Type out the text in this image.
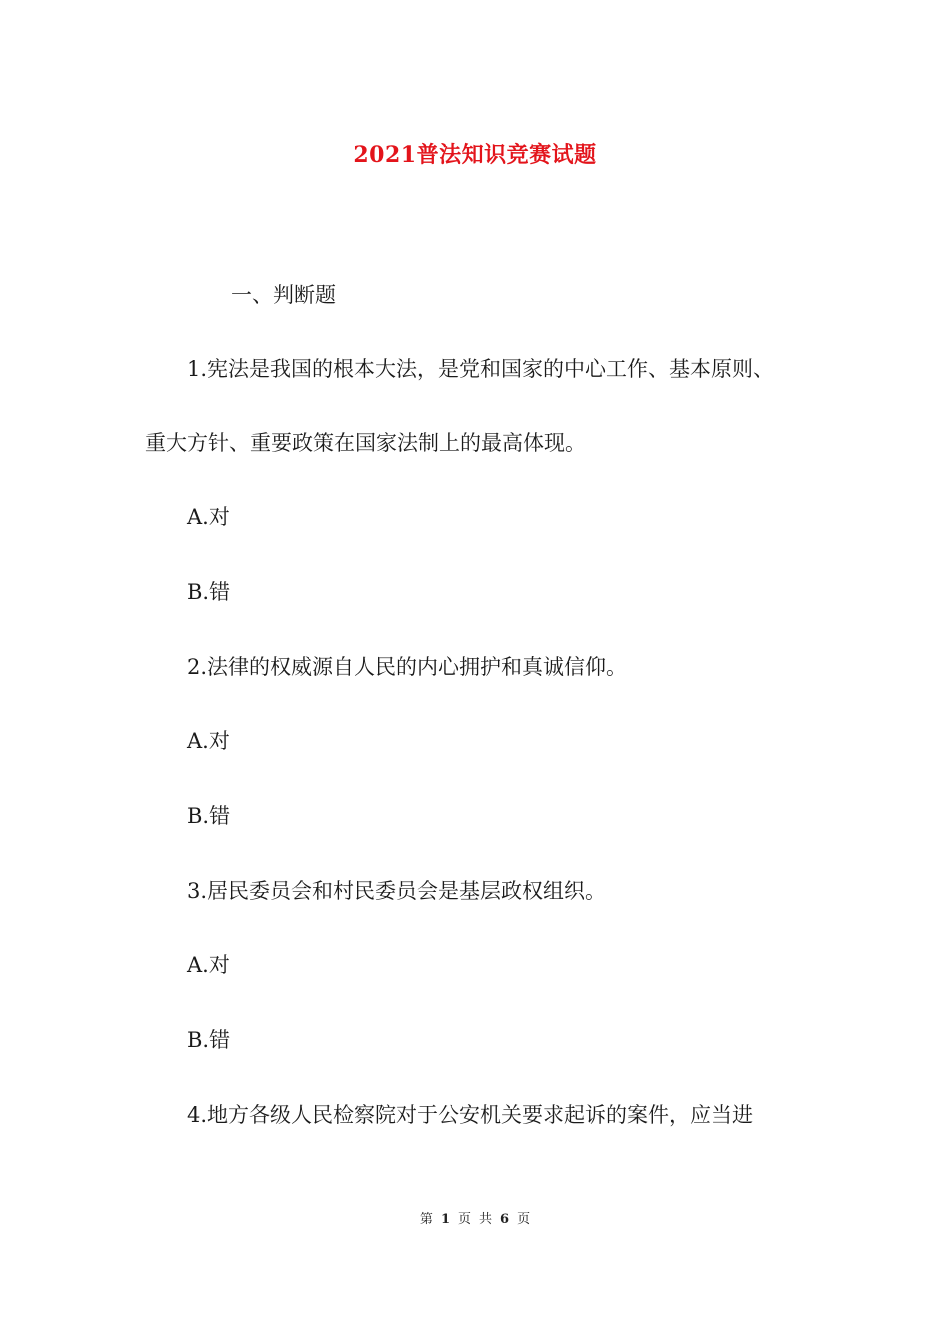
2021普法知识竞赛试题
一、判断题
1.宪法是我国的根本大法，是党和国家的中心工作、基本原则、
重大方针、重要政策在国家法制上的最高体现。
A.对
B.错
2.法律的权威源自人民的内心拥护和真诚信仰。
A.对
B.错
3.居民委员会和村民委员会是基层政权组织。
A.对
B.错
4.地方各级人民检察院对于公安机关要求起诉的案件，应当进
第 1 页 共 6 页
